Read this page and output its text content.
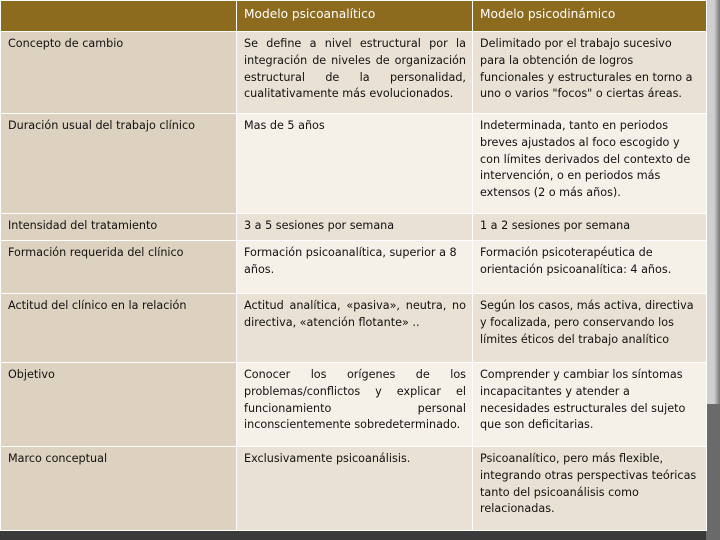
	Modelo psicoanalítico	Modelo psicodinámico
Concepto de cambio	Se define a nivel estructural por la integración de niveles de organización estructural de la personalidad, cualitativamente más evolucionados.	Delimitado por el trabajo sucesivo para la obtención de logros funcionales y estructurales en torno a uno o varios "focos" o ciertas áreas.
Duración usual del trabajo clínico	Mas de 5 años	Indeterminada, tanto en periodos breves ajustados al foco escogido y con límites derivados del contexto de intervención, o en periodos más extensos (2 o más años).
Intensidad del tratamiento	3 a 5 sesiones por semana	1 a 2 sesiones por semana
Formación requerida del clínico	Formación psicoanalítica, superior a 8 años.	Formación psicoterapéutica de orientación psicoanalítica: 4 años.
Actitud del clínico en la relación	Actitud analítica, «pasiva», neutra, no directiva, «atención flotante» ..	Según los casos, más activa, directiva y focalizada, pero conservando los límites éticos del trabajo analítico
Objetivo	Conocer los orígenes de los problemas/conflictos y explicar el funcionamiento personal inconscientemente sobredeterminado.	Comprender y cambiar los síntomas incapacitantes y atender a necesidades estructurales del sujeto que son deficitarias.
Marco conceptual	Exclusivamente psicoanálisis.	Psicoanalítico, pero más flexible, integrando otras perspectivas teóricas tanto del psicoanálisis como relacionadas.
